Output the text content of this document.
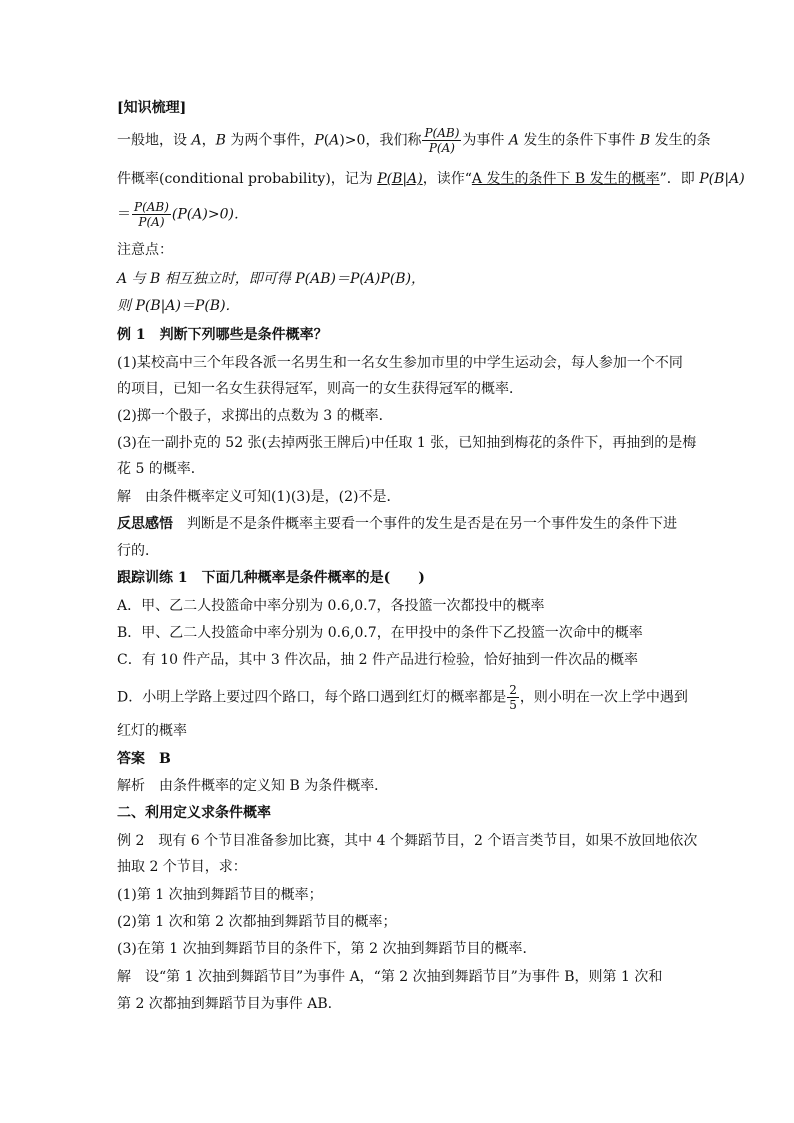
[知识梳理]
一般地，设 A，B 为两个事件，P(A)>0，我们称 $\frac{P(AB)}{P(A)}$ 为事件 A 发生的条件下事件 B 发生的条
件概率(conditional probability)，记为 P(B|A)，读作“A 发生的条件下 B 发生的概率”．即 P(B|A)
＝ $\frac{P(AB)}{P(A)} (P(A)>0)$．
注意点：
A 与 B 相互独立时，即可得 P(AB)＝P(A)P(B)，
则 P(B|A)＝P(B)．
例 1　判断下列哪些是条件概率？
(1)某校高中三个年段各派一名男生和一名女生参加市里的中学生运动会，每人参加一个不同
的项目，已知一名女生获得冠军，则高一的女生获得冠军的概率．
(2)掷一个骰子，求掷出的点数为 3 的概率．
(3)在一副扑克的 52 张(去掉两张王牌后)中任取 1 张，已知抽到梅花的条件下，再抽到的是梅
花 5 的概率．
解　由条件概率定义可知(1)(3)是，(2)不是．
反思感悟 判断是不是条件概率主要看一个事件的发生是否是在另一个事件发生的条件下进
行的．
跟踪训练 1　下面几种概率是条件概率的是(　　)
A．甲、乙二人投篮命中率分别为 0.6,0.7，各投篮一次都投中的概率
B．甲、乙二人投篮命中率分别为 0.6,0.7，在甲投中的条件下乙投篮一次命中的概率
C．有 10 件产品，其中 3 件次品，抽 2 件产品进行检验，恰好抽到一件次品的概率
D．小明上学路上要过四个路口，每个路口遇到红灯的概率都是 $\frac{2}{5}$ ，则小明在一次上学中遇到
红灯的概率
答案　B
解析　由条件概率的定义知 B 为条件概率．
二、利用定义求条件概率
例 2　现有 6 个节目准备参加比赛，其中 4 个舞蹈节目，2 个语言类节目，如果不放回地依次
抽取 2 个节目，求：
(1)第 1 次抽到舞蹈节目的概率；
(2)第 1 次和第 2 次都抽到舞蹈节目的概率；
(3)在第 1 次抽到舞蹈节目的条件下，第 2 次抽到舞蹈节目的概率．
解　设“第 1 次抽到舞蹈节目”为事件 A，“第 2 次抽到舞蹈节目”为事件 B，则第 1 次和
第 2 次都抽到舞蹈节目为事件 AB.
